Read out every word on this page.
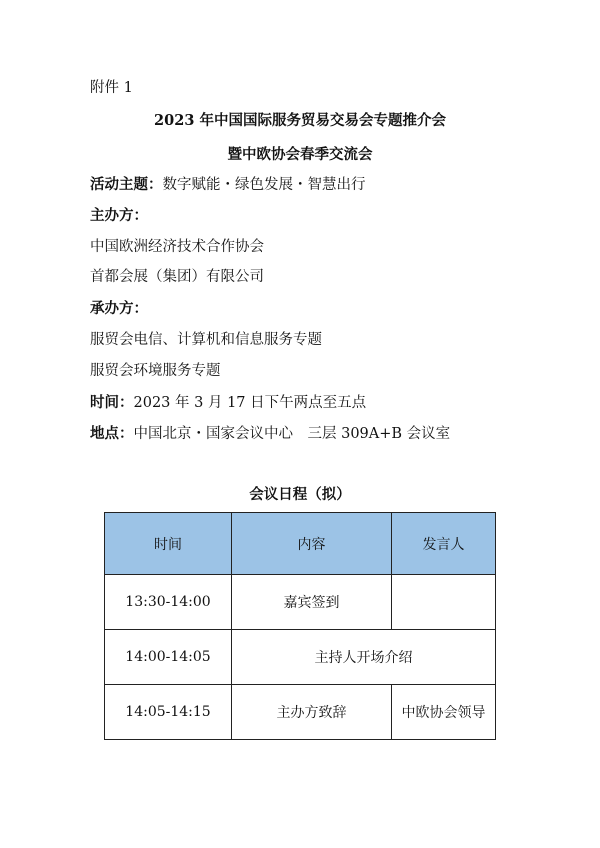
附件 1
2023 年中国国际服务贸易交易会专题推介会
暨中欧协会春季交流会
活动主题：数字赋能・绿色发展・智慧出行
主办方：
中国欧洲经济技术合作协会
首都会展（集团）有限公司
承办方：
服贸会电信、计算机和信息服务专题
服贸会环境服务专题
时间：2023 年 3 月 17 日下午两点至五点
地点：中国北京・国家会议中心　三层 309A+B 会议室
会议日程（拟）
时间	内容	发言人
13:30-14:00	嘉宾签到	
14:00-14:05	主持人开场介绍	
14:05-14:15	主办方致辞	中欧协会领导
